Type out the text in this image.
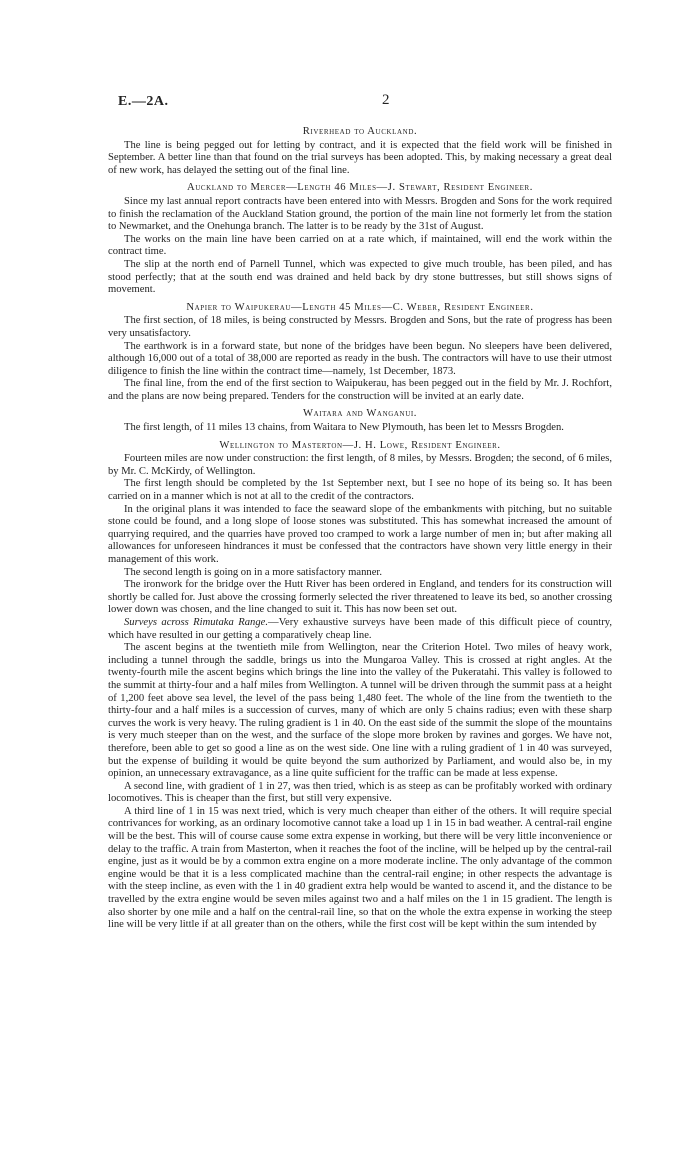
E.—2A.	2
Riverhead to Auckland.

The line is being pegged out for letting by contract, and it is expected that the field work will be finished in September. A better line than that found on the trial surveys has been adopted. This, by making necessary a great deal of new work, has delayed the setting out of the final line.

Auckland to Mercer—Length 46 Miles—J. Stewart, Resident Engineer.

Since my last annual report contracts have been entered into with Messrs. Brogden and Sons for the work required to finish the reclamation of the Auckland Station ground, the portion of the main line not formerly let from the station to Newmarket, and the Onehunga branch. The latter is to be ready by the 31st of August.

The works on the main line have been carried on at a rate which, if maintained, will end the work within the contract time.

The slip at the north end of Parnell Tunnel, which was expected to give much trouble, has been piled, and has stood perfectly; that at the south end was drained and held back by dry stone buttresses, but still shows signs of movement.

Napier to Waipukerau—Length 45 Miles—C. Weber, Resident Engineer.

The first section, of 18 miles, is being constructed by Messrs. Brogden and Sons, but the rate of progress has been very unsatisfactory.

The earthwork is in a forward state, but none of the bridges have been begun. No sleepers have been delivered, although 16,000 out of a total of 38,000 are reported as ready in the bush. The contractors will have to use their utmost diligence to finish the line within the contract time—namely, 1st December, 1873.

The final line, from the end of the first section to Waipukerau, has been pegged out in the field by Mr. J. Rochfort, and the plans are now being prepared. Tenders for the construction will be invited at an early date.

Waitara and Wanganui.

The first length, of 11 miles 13 chains, from Waitara to New Plymouth, has been let to Messrs Brogden.

Wellington to Masterton—J. H. Lowe, Resident Engineer.

Fourteen miles are now under construction: the first length, of 8 miles, by Messrs. Brogden; the second, of 6 miles, by Mr. C. McKirdy, of Wellington.

The first length should be completed by the 1st September next, but I see no hope of its being so. It has been carried on in a manner which is not at all to the credit of the contractors.

In the original plans it was intended to face the seaward slope of the embankments with pitching, but no suitable stone could be found, and a long slope of loose stones was substituted. This has somewhat increased the amount of quarrying required, and the quarries have proved too cramped to work a large number of men in; but after making all allowances for unforeseen hindrances it must be confessed that the contractors have shown very little energy in their management of this work.

The second length is going on in a more satisfactory manner.

The ironwork for the bridge over the Hutt River has been ordered in England, and tenders for its construction will shortly be called for. Just above the crossing formerly selected the river threatened to leave its bed, so another crossing lower down was chosen, and the line changed to suit it. This has now been set out.

Surveys across Rimutaka Range.—Very exhaustive surveys have been made of this difficult piece of country, which have resulted in our getting a comparatively cheap line.

The ascent begins at the twentieth mile from Wellington, near the Criterion Hotel. Two miles of heavy work, including a tunnel through the saddle, brings us into the Mungaroa Valley. This is crossed at right angles. At the twenty-fourth mile the ascent begins which brings the line into the valley of the Pukeratahi. This valley is followed to the summit at thirty-four and a half miles from Wellington. A tunnel will be driven through the summit pass at a height of 1,200 feet above sea level, the level of the pass being 1,480 feet. The whole of the line from the twentieth to the thirty-four and a half miles is a succession of curves, many of which are only 5 chains radius; even with these sharp curves the work is very heavy. The ruling gradient is 1 in 40. On the east side of the summit the slope of the mountains is very much steeper than on the west, and the surface of the slope more broken by ravines and gorges. We have not, therefore, been able to get so good a line as on the west side. One line with a ruling gradient of 1 in 40 was surveyed, but the expense of building it would be quite beyond the sum authorized by Parliament, and would also be, in my opinion, an unnecessary extravagance, as a line quite sufficient for the traffic can be made at less expense.

A second line, with gradient of 1 in 27, was then tried, which is as steep as can be profitably worked with ordinary locomotives. This is cheaper than the first, but still very expensive.

A third line of 1 in 15 was next tried, which is very much cheaper than either of the others. It will require special contrivances for working, as an ordinary locomotive cannot take a load up 1 in 15 in bad weather. A central-rail engine will be the best. This will of course cause some extra expense in working, but there will be very little inconvenience or delay to the traffic. A train from Masterton, when it reaches the foot of the incline, will be helped up by the central-rail engine, just as it would be by a common extra engine on a more moderate incline. The only advantage of the common engine would be that it is a less complicated machine than the central-rail engine; in other respects the advantage is with the steep incline, as even with the 1 in 40 gradient extra help would be wanted to ascend it, and the distance to be travelled by the extra engine would be seven miles against two and a half miles on the 1 in 15 gradient. The length is also shorter by one mile and a half on the central-rail line, so that on the whole the extra expense in working the steep line will be very little if at all greater than on the others, while the first cost will be kept within the sum intended by
